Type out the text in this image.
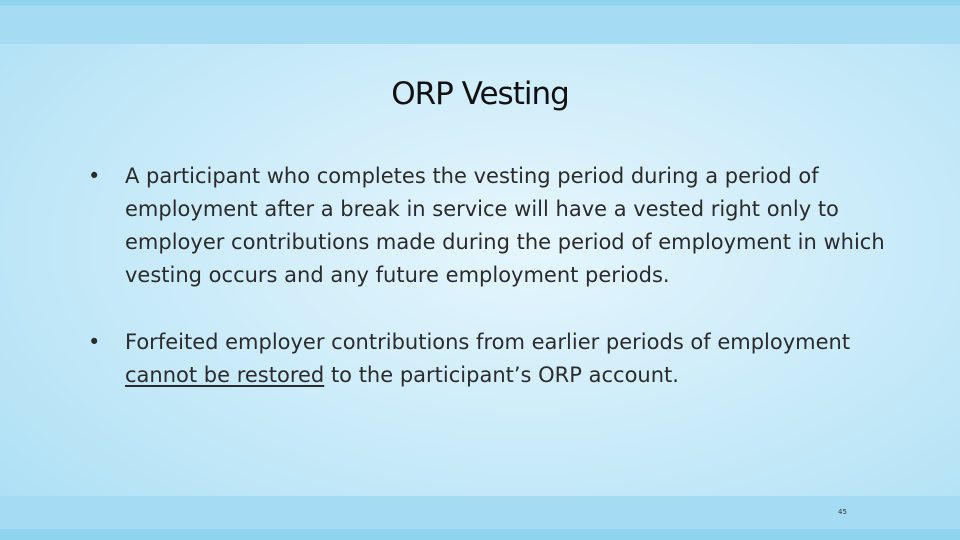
ORP Vesting
•	A participant who completes the vesting period during a period of employment after a break in service will have a vested right only to employer contributions made during the period of employment in which vesting occurs and any future employment periods.
•	Forfeited employer contributions from earlier periods of employment cannot be restored to the participant’s ORP account.
45
